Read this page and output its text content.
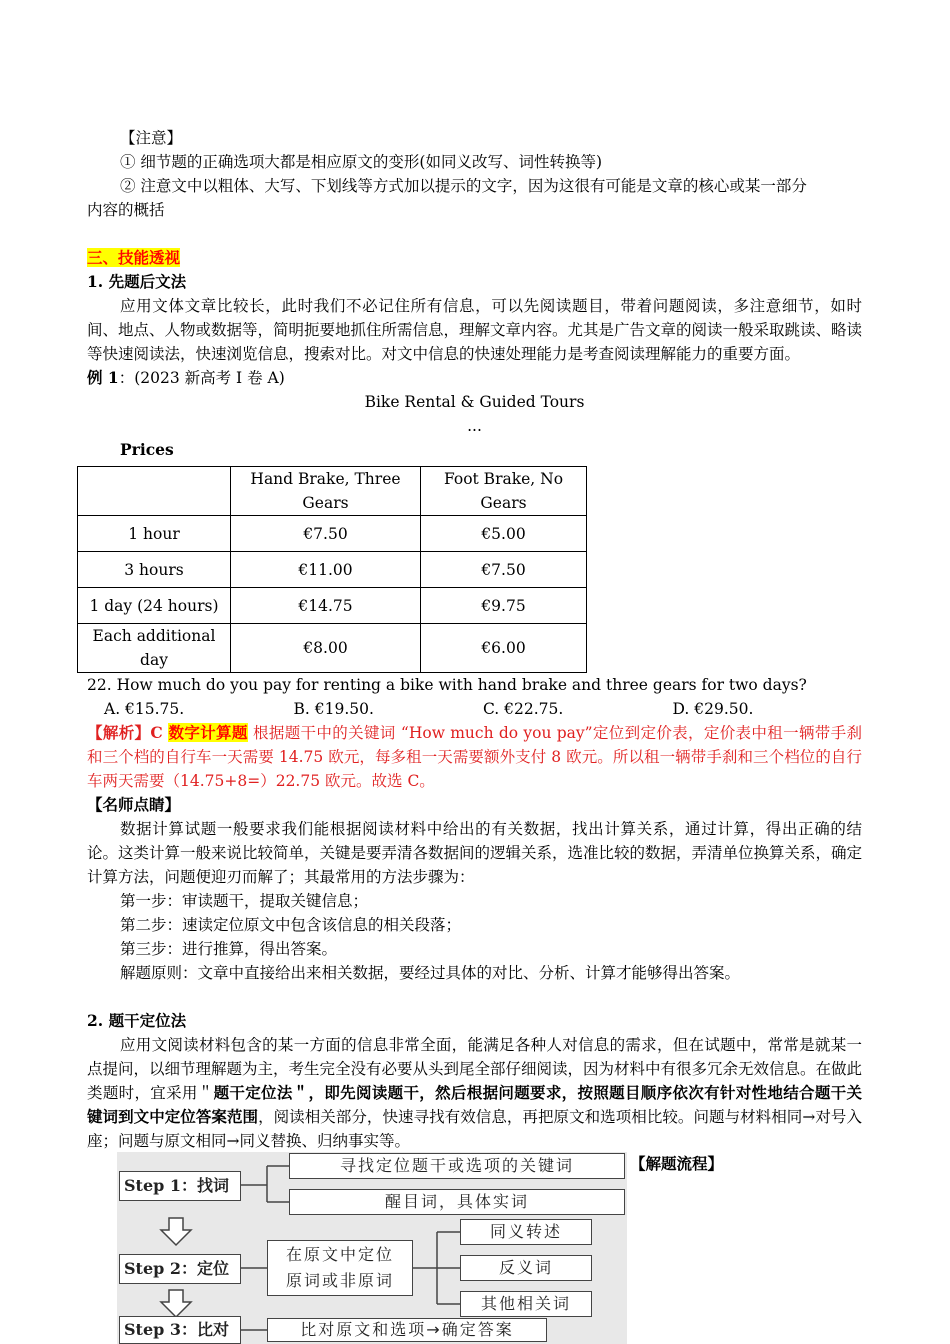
【注意】
① 细节题的正确选项大都是相应原文的变形(如同义改写、词性转换等)
② 注意文中以粗体、大写、下划线等方式加以提示的文字，因为这很有可能是文章的核心或某一部分
内容的概括
三、技能透视
1. 先题后文法
应用文体文章比较长，此时我们不必记住所有信息，可以先阅读题目，带着问题阅读，多注意细节，如时间、地点、人物或数据等，简明扼要地抓住所需信息，理解文章内容。尤其是广告文章的阅读一般采取跳读、略读等快速阅读法，快速浏览信息，搜索对比。对文中信息的快速处理能力是考查阅读理解能力的重要方面。
例 1：(2023 新高考 I 卷 A)
Bike Rental & Guided Tours
...
Prices
	Hand Brake, Three Gears	Foot Brake, No Gears
1 hour	€7.50	€5.00
3 hours	€11.00	€7.50
1 day (24 hours)	€14.75	€9.75
Each additional day	€8.00	€6.00
22. How much do you pay for renting a bike with hand brake and three gears for two days?
A. €15.75.	B. €19.50.	C. €22.75.	D. €29.50.
【解析】C 数字计算题 根据题干中的关键词 “How much do you pay”定位到定价表，定价表中租一辆带手刹和三个档的自行车一天需要 14.75 欧元，每多租一天需要额外支付 8 欧元。所以租一辆带手刹和三个档位的自行车两天需要（14.75+8=）22.75 欧元。故选 C。
【名师点睛】
数据计算试题一般要求我们能根据阅读材料中给出的有关数据，找出计算关系，通过计算，得出正确的结论。这类计算一般来说比较简单，关键是要弄清各数据间的逻辑关系，选准比较的数据，弄清单位换算关系，确定计算方法，问题便迎刃而解了；其最常用的方法步骤为：
第一步：审读题干，提取关键信息；
第二步：速读定位原文中包含该信息的相关段落；
第三步：进行推算，得出答案。
解题原则：文章中直接给出来相关数据，要经过具体的对比、分析、计算才能够得出答案。
2. 题干定位法
应用文阅读材料包含的某一方面的信息非常全面，能满足各种人对信息的需求，但在试题中，常常是就某一点提问，以细节理解题为主，考生完全没有必要从头到尾全部仔细阅读，因为材料中有很多冗余无效信息。在做此类题时，宜采用＂题干定位法＂，即先阅读题干，然后根据问题要求，按照题目顺序依次有针对性地结合题干关键词到文中定位答案范围，阅读相关部分，快速寻找有效信息，再把原文和选项相比较。问题与材料相同→对号入座；问题与原文相同→同义替换、归纳事实等。
【解题流程】
Step 1：找词
寻找定位题干或选项的关键词
醒目词，具体实词
Step 2：定位
在原文中定位
原词或非原词
同义转述
反义词
其他相关词
Step 3：比对	比对原文和选项→确定答案
